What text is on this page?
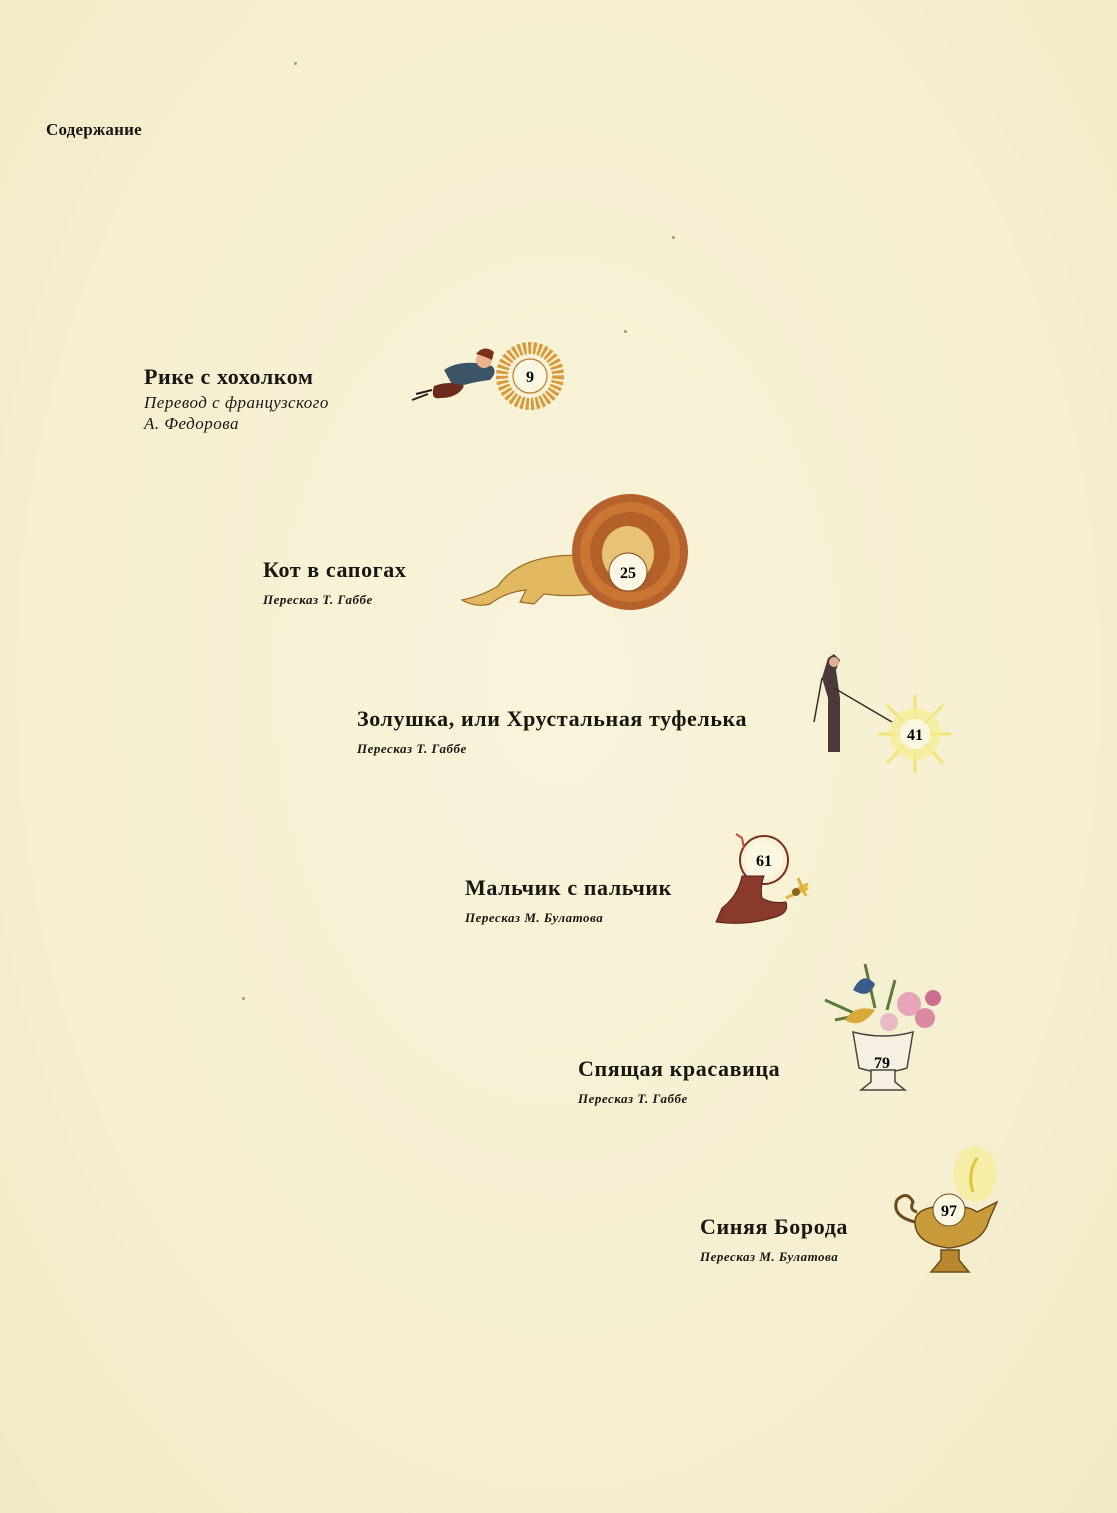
Содержание
Рике с хохолком
Перевод с французского
А. Федорова
9
Кот в сапогах
Пересказ Т. Габбе
25
Золушка, или Хрустальная туфелька
Пересказ Т. Габбе
41
Мальчик с пальчик
Пересказ М. Булатова
61
Спящая красавица
Пересказ Т. Габбе
79
Синяя Борода
Пересказ М. Булатова
97
